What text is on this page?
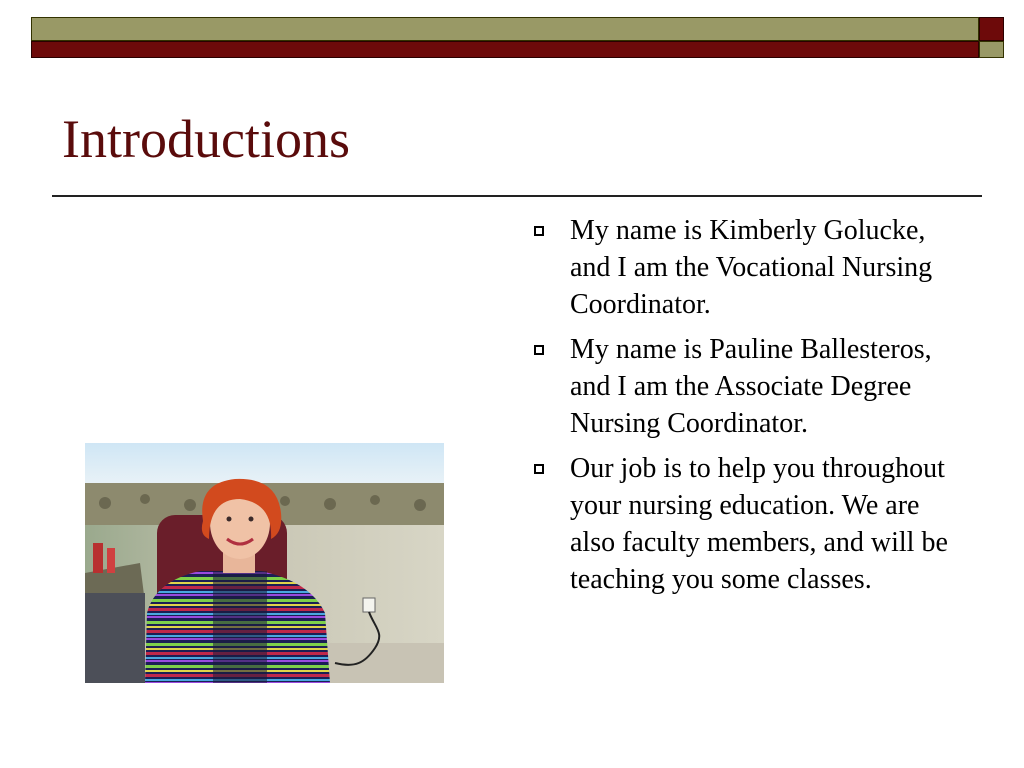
Introductions
My name is Kimberly Golucke, and I am the Vocational Nursing Coordinator.
My name is Pauline Ballesteros, and I am the Associate Degree Nursing Coordinator.
Our job is to help you throughout your nursing education. We are also faculty members, and will be teaching you some classes.
